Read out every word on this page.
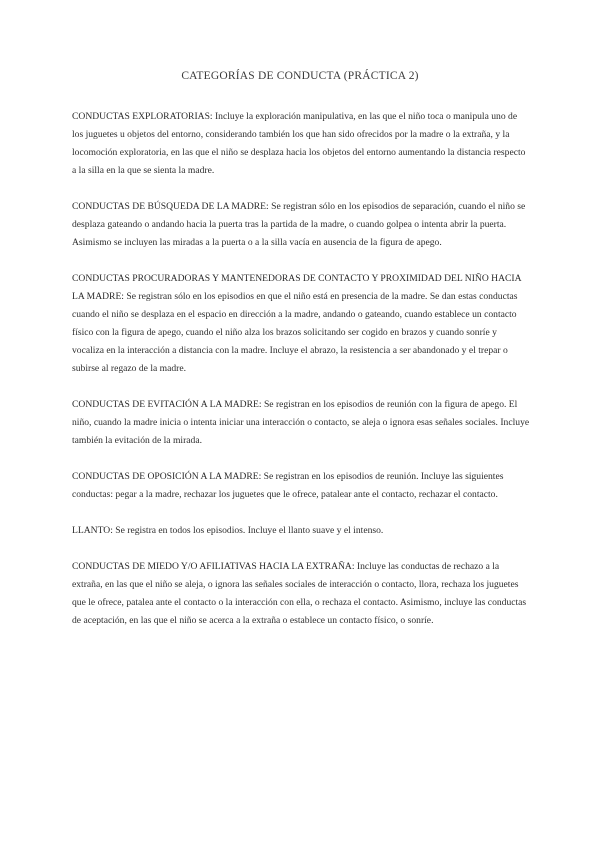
CATEGORÍAS DE CONDUCTA (PRÁCTICA 2)

CONDUCTAS EXPLORATORIAS: Incluye la exploración manipulativa, en las que el niño toca o manipula uno de los juguetes u objetos del entorno, considerando también los que han sido ofrecidos por la madre o la extraña, y la locomoción exploratoria, en las que el niño se desplaza hacia los objetos del entorno aumentando la distancia respecto a la silla en la que se sienta la madre.

CONDUCTAS DE BÚSQUEDA DE LA MADRE: Se registran sólo en los episodios de separación, cuando el niño se desplaza gateando o andando hacia la puerta tras la partida de la madre, o cuando golpea o intenta abrir la puerta. Asimismo se incluyen las miradas a la puerta o a la silla vacía en ausencia de la figura de apego.

CONDUCTAS PROCURADORAS Y MANTENEDORAS DE CONTACTO Y PROXIMIDAD DEL NIÑO HACIA LA MADRE: Se registran sólo en los episodios en que el niño está en presencia de la madre. Se dan estas conductas cuando el niño se desplaza en el espacio en dirección a la madre, andando o gateando, cuando establece un contacto físico con la figura de apego, cuando el niño alza los brazos solicitando ser cogido en brazos y cuando sonríe y vocaliza en la interacción a distancia con la madre. Incluye el abrazo, la resistencia a ser abandonado y el trepar o subirse al regazo de la madre.

CONDUCTAS DE EVITACIÓN A LA MADRE: Se registran en los episodios de reunión con la figura de apego. El niño, cuando la madre inicia o intenta iniciar una interacción o contacto, se aleja o ignora esas señales sociales. Incluye también la evitación de la mirada.

CONDUCTAS DE OPOSICIÓN A LA MADRE: Se registran en los episodios de reunión. Incluye las siguientes conductas: pegar a la madre, rechazar los juguetes que le ofrece, patalear ante el contacto, rechazar el contacto.

LLANTO: Se registra en todos los episodios. Incluye el llanto suave y el intenso.

CONDUCTAS DE MIEDO Y/O AFILIATIVAS HACIA LA EXTRAÑA: Incluye las conductas de rechazo a la extraña, en las que el niño se aleja, o ignora las señales sociales de interacción o contacto, llora, rechaza los juguetes que le ofrece, patalea ante el contacto o la interacción con ella, o rechaza el contacto. Asimismo, incluye las conductas de aceptación, en las que el niño se acerca a la extraña o establece un contacto físico, o sonríe.
